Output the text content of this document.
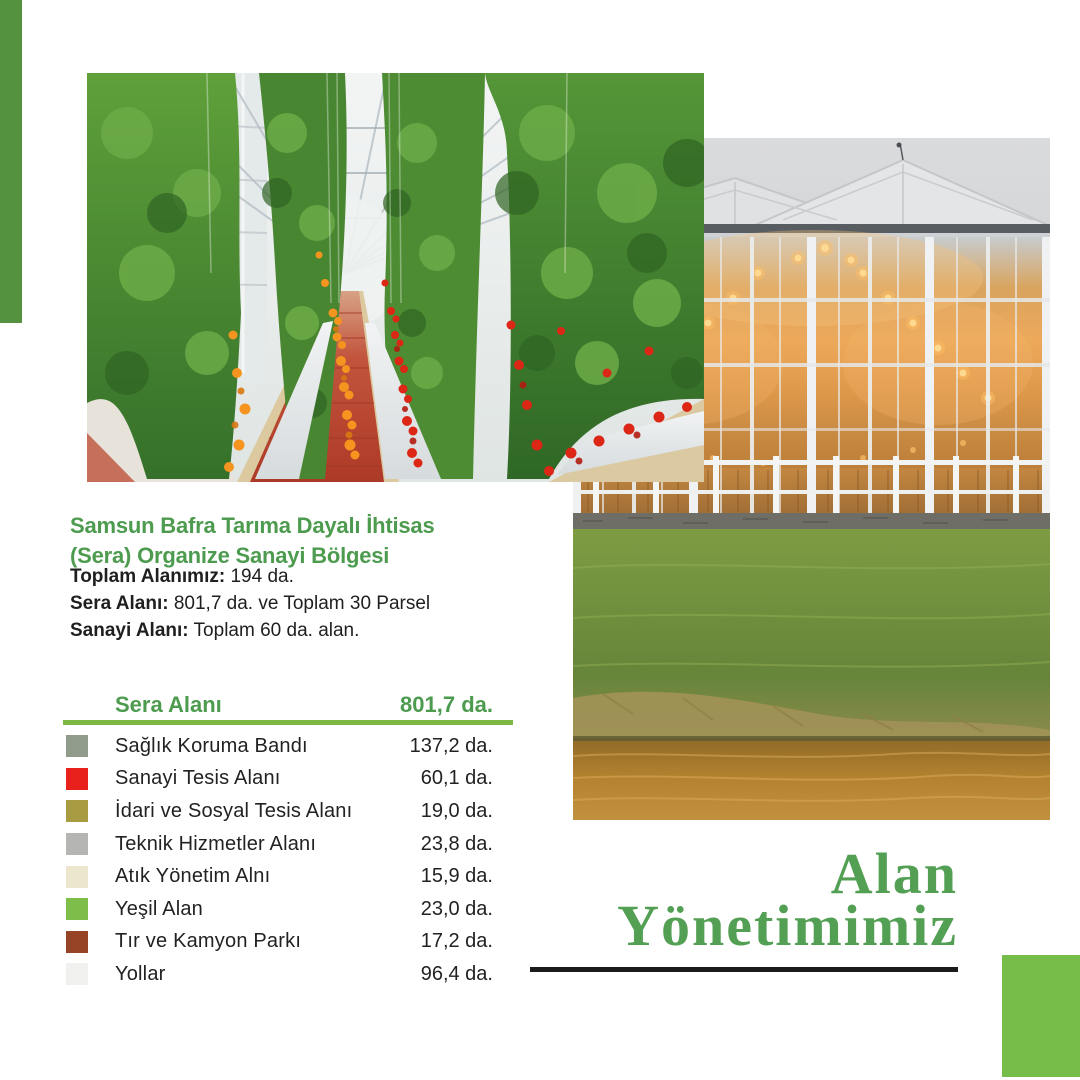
Samsun Bafra Tarıma Dayalı İhtisas
(Sera) Organize Sanayi Bölgesi

Toplam Alanımız: 194 da.

Sera Alanı: 801,7 da. ve Toplam 30 Parsel

Sanayi Alanı: Toplam 60 da. alan.

Sera Alanı	801,7 da.
Sağlık Koruma Bandı	137,2 da.
Sanayi Tesis Alanı	60,1 da.
İdari ve Sosyal Tesis Alanı	19,0 da.
Teknik Hizmetler Alanı	23,8 da.
Atık Yönetim Alnı	15,9 da.
Yeşil Alan	23,0 da.
Tır ve Kamyon Parkı	17,2 da.
Yollar	96,4 da.
Alan
Yönetimimiz
